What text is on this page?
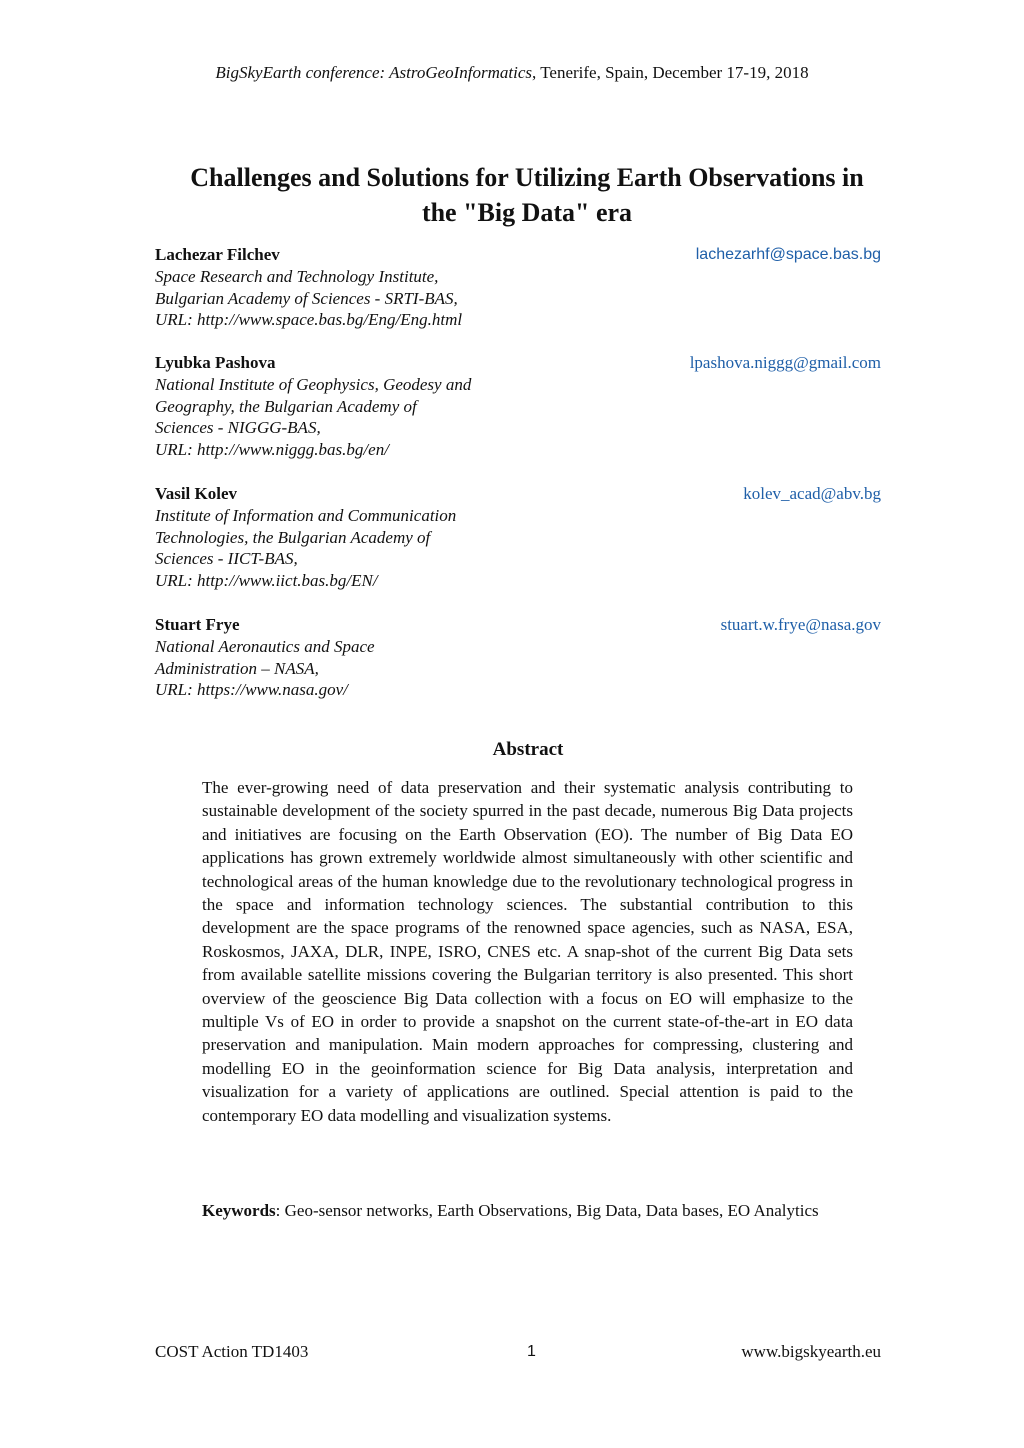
BigSkyEarth conference: AstroGeoInformatics, Tenerife, Spain, December 17-19, 2018
Challenges and Solutions for Utilizing Earth Observations in
the "Big Data" era
Lachezar Filchev
Space Research and Technology Institute,
Bulgarian Academy of Sciences - SRTI-BAS,
URL: http://www.space.bas.bg/Eng/Eng.html
lachezarhf@space.bas.bg
Lyubka Pashova
National Institute of Geophysics, Geodesy and
Geography, the Bulgarian Academy of
Sciences - NIGGG-BAS,
URL: http://www.niggg.bas.bg/en/
lpashova.niggg@gmail.com
Vasil Kolev
Institute of Information and Communication
Technologies, the Bulgarian Academy of
Sciences - IICT-BAS,
URL: http://www.iict.bas.bg/EN/
kolev_acad@abv.bg
Stuart Frye
National Aeronautics and Space
Administration – NASA,
URL: https://www.nasa.gov/
stuart.w.frye@nasa.gov
Abstract

The ever-growing need of data preservation and their systematic analysis contributing to sustainable development of the society spurred in the past decade, numerous Big Data projects and initiatives are focusing on the Earth Observation (EO). The number of Big Data EO applications has grown extremely worldwide almost simultaneously with other scientific and technological areas of the human knowledge due to the revolutionary technological progress in the space and information technology sciences. The substantial contribution to this development are the space programs of the renowned space agencies, such as NASA, ESA, Roskosmos, JAXA, DLR, INPE, ISRO, CNES etc. A snap-shot of the current Big Data sets from available satellite missions covering the Bulgarian territory is also presented. This short overview of the geoscience Big Data collection with a focus on EO will emphasize to the multiple Vs of EO in order to provide a snapshot on the current state-of-the-art in EO data preservation and manipulation. Main modern approaches for compressing, clustering and modelling EO in the geoinformation science for Big Data analysis, interpretation and visualization for a variety of applications are outlined. Special attention is paid to the contemporary EO data modelling and visualization systems.

Keywords: Geo-sensor networks, Earth Observations, Big Data, Data bases, EO Analytics

COST Action TD1403	1	www.bigskyearth.eu
